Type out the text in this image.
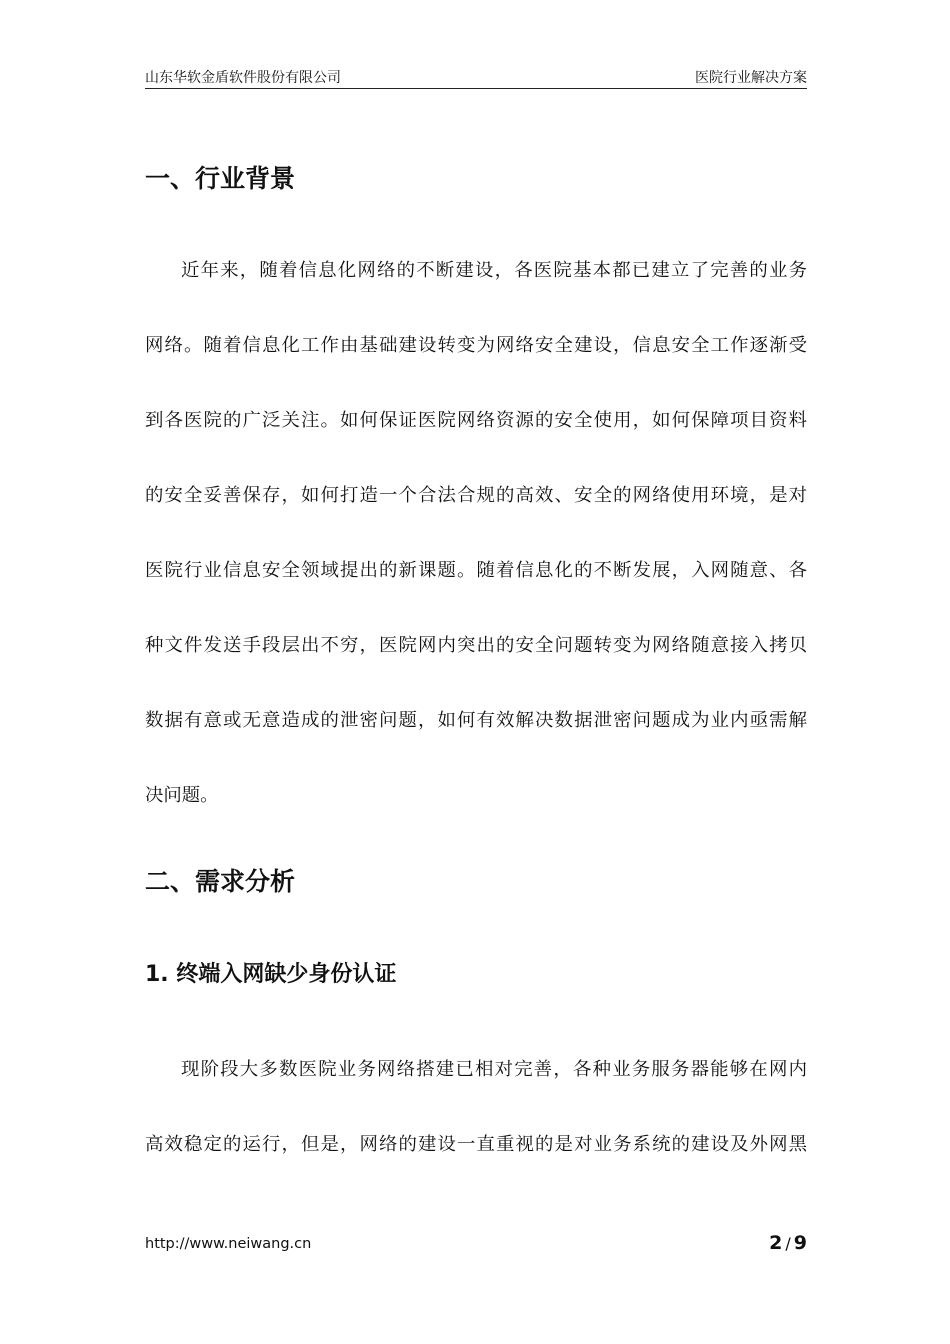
山东华软金盾软件股份有限公司	医院行业解决方案
一、行业背景
近年来，随着信息化网络的不断建设，各医院基本都已建立了完善的业务
网络。随着信息化工作由基础建设转变为网络安全建设，信息安全工作逐渐受
到各医院的广泛关注。如何保证医院网络资源的安全使用，如何保障项目资料
的安全妥善保存，如何打造一个合法合规的高效、安全的网络使用环境，是对
医院行业信息安全领域提出的新课题。随着信息化的不断发展，入网随意、各
种文件发送手段层出不穷，医院网内突出的安全问题转变为网络随意接入拷贝
数据有意或无意造成的泄密问题，如何有效解决数据泄密问题成为业内亟需解
决问题。
二、需求分析
1. 终端入网缺少身份认证
现阶段大多数医院业务网络搭建已相对完善，各种业务服务器能够在网内
高效稳定的运行，但是，网络的建设一直重视的是对业务系统的建设及外网黑
http://www.neiwang.cn	2 / 9
